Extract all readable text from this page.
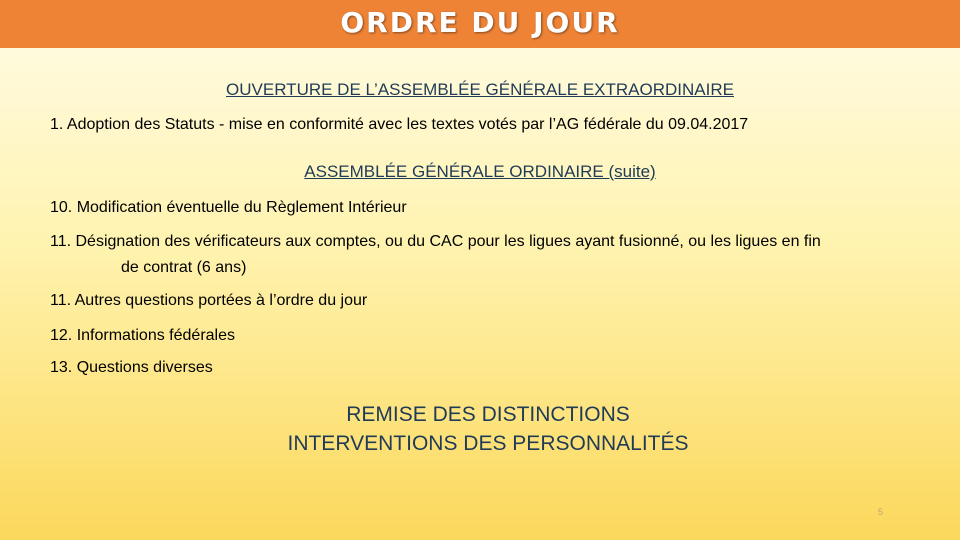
ORDRE DU JOUR
OUVERTURE DE L’ASSEMBLÉE GÉNÉRALE EXTRAORDINAIRE
1. Adoption des Statuts - mise en conformité avec les textes votés par l’AG fédérale du 09.04.2017
ASSEMBLÉE GÉNÉRALE ORDINAIRE (suite)
10. Modification éventuelle du Règlement Intérieur
11. Désignation des vérificateurs aux comptes, ou du CAC pour les ligues ayant fusionné, ou les ligues en fin
de contrat (6 ans)
11. Autres questions portées à l’ordre du jour
12. Informations fédérales
13. Questions diverses
REMISE DES DISTINCTIONS
INTERVENTIONS DES PERSONNALITÉS
5
